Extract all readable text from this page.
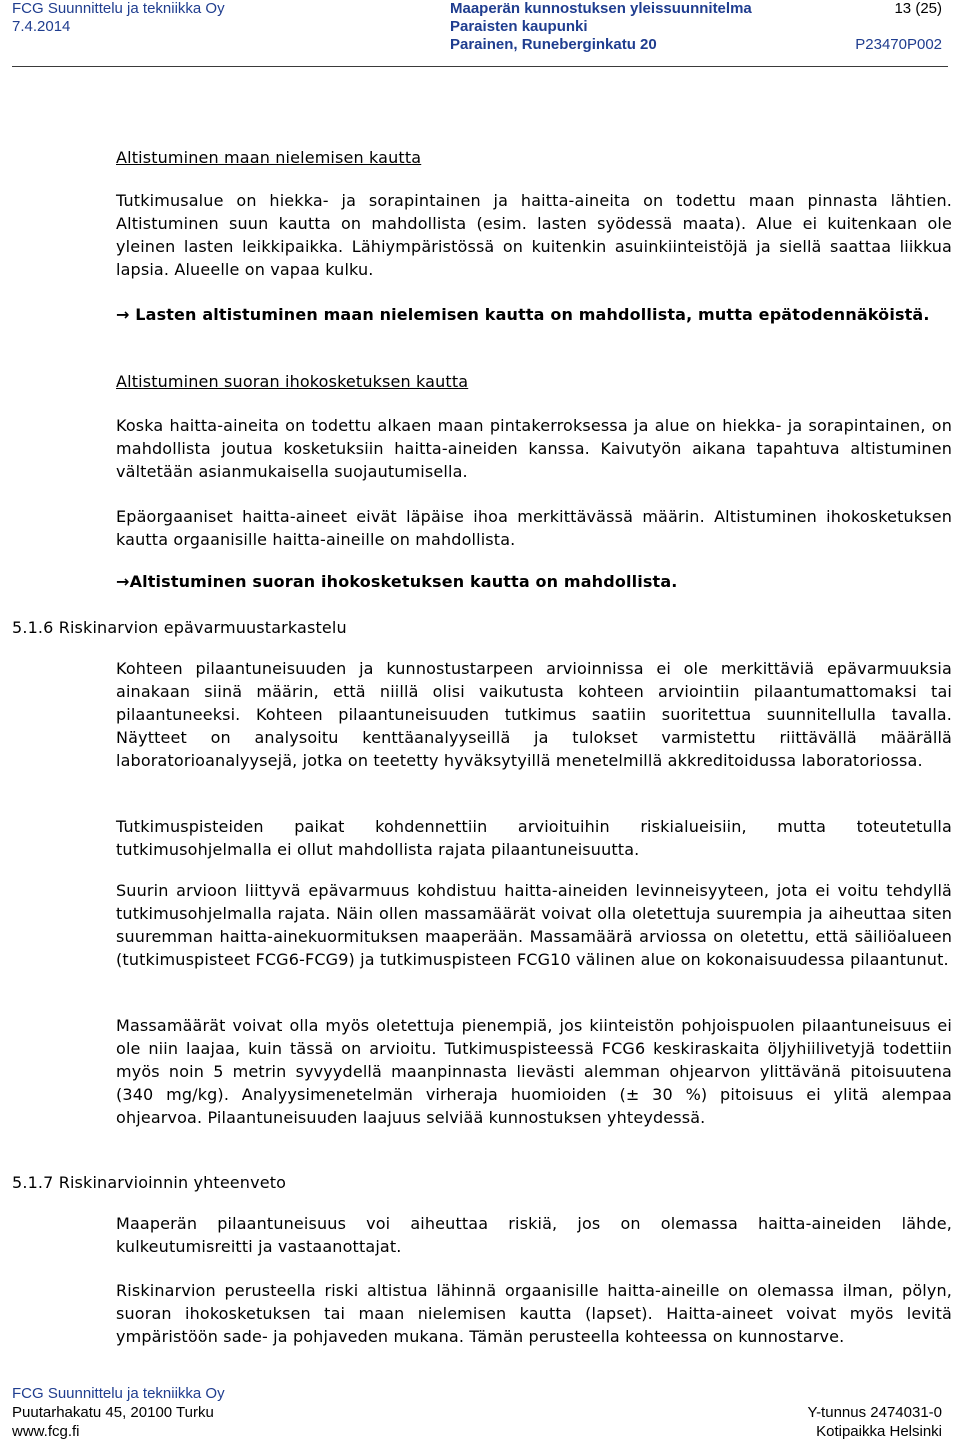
FCG Suunnittelu ja tekniikka Oy	Maaperän kunnostuksen yleissuunnitelma	13 (25)
7.4.2014	Paraisten kaupunki
Parainen, Runeberginkatu 20	P23470P002
Altistuminen maan nielemisen kautta
Tutkimusalue on hiekka- ja sorapintainen ja haitta-aineita on todettu maan pinnasta lähtien. Altistuminen suun kautta on mahdollista (esim. lasten syödessä maata). Alue ei kuitenkaan ole yleinen lasten leikkipaikka. Lähiympäristössä on kuitenkin asuinkiinteistöjä ja siellä saattaa liikkua lapsia. Alueelle on vapaa kulku.
→ Lasten altistuminen maan nielemisen kautta on mahdollista, mutta epätodennäköistä.
Altistuminen suoran ihokosketuksen kautta
Koska haitta-aineita on todettu alkaen maan pintakerroksessa ja alue on hiekka- ja sorapintainen, on mahdollista joutua kosketuksiin haitta-aineiden kanssa. Kaivutyön aikana tapahtuva altistuminen vältetään asianmukaisella suojautumisella.
Epäorgaaniset haitta-aineet eivät läpäise ihoa merkittävässä määrin. Altistuminen ihokosketuksen kautta orgaanisille haitta-aineille on mahdollista.
→Altistuminen suoran ihokosketuksen kautta on mahdollista.
5.1.6 Riskinarvion epävarmuustarkastelu
Kohteen pilaantuneisuuden ja kunnostustarpeen arvioinnissa ei ole merkittäviä epävarmuuksia ainakaan siinä määrin, että niillä olisi vaikutusta kohteen arviointiin pilaantumattomaksi tai pilaantuneeksi. Kohteen pilaantuneisuuden tutkimus saatiin suoritettua suunnitellulla tavalla. Näytteet on analysoitu kenttäanalyyseillä ja tulokset varmistettu riittävällä määrällä laboratorioanalyysejä, jotka on teetetty hyväksytyillä menetelmillä akkreditoidussa laboratoriossa.
Tutkimuspisteiden paikat kohdennettiin arvioituihin riskialueisiin, mutta toteutetulla tutkimusohjelmalla ei ollut mahdollista rajata pilaantuneisuutta.
Suurin arvioon liittyvä epävarmuus kohdistuu haitta-aineiden levinneisyyteen, jota ei voitu tehdyllä tutkimusohjelmalla rajata. Näin ollen massamäärät voivat olla oletettuja suurempia ja aiheuttaa siten suuremman haitta-ainekuormituksen maaperään. Massamäärä arviossa on oletettu, että säiliöalueen (tutkimuspisteet FCG6-FCG9) ja tutkimuspisteen FCG10 välinen alue on kokonaisuudessa pilaantunut.
Massamäärät voivat olla myös oletettuja pienempiä, jos kiinteistön pohjoispuolen pilaantuneisuus ei ole niin laajaa, kuin tässä on arvioitu. Tutkimuspisteessä FCG6 keskiraskaita öljyhiilivetyjä todettiin myös noin 5 metrin syvyydellä maanpinnasta lievästi alemman ohjearvon ylittävänä pitoisuutena (340 mg/kg). Analyysimenetelmän virheraja huomioiden (± 30 %) pitoisuus ei ylitä alempaa ohjearvoa. Pilaantuneisuuden laajuus selviää kunnostuksen yhteydessä.
5.1.7 Riskinarvioinnin yhteenveto
Maaperän pilaantuneisuus voi aiheuttaa riskiä, jos on olemassa haitta-aineiden lähde, kulkeutumisreitti ja vastaanottajat.
Riskinarvion perusteella riski altistua lähinnä orgaanisille haitta-aineille on olemassa ilman, pölyn, suoran ihokosketuksen tai maan nielemisen kautta (lapset). Haitta-aineet voivat myös levitä ympäristöön sade- ja pohjaveden mukana. Tämän perusteella kohteessa on kunnostarve.
FCG Suunnittelu ja tekniikka Oy
Puutarhakatu 45, 20100 Turku
www.fcg.fi
Y-tunnus 2474031-0
Kotipaikka Helsinki
